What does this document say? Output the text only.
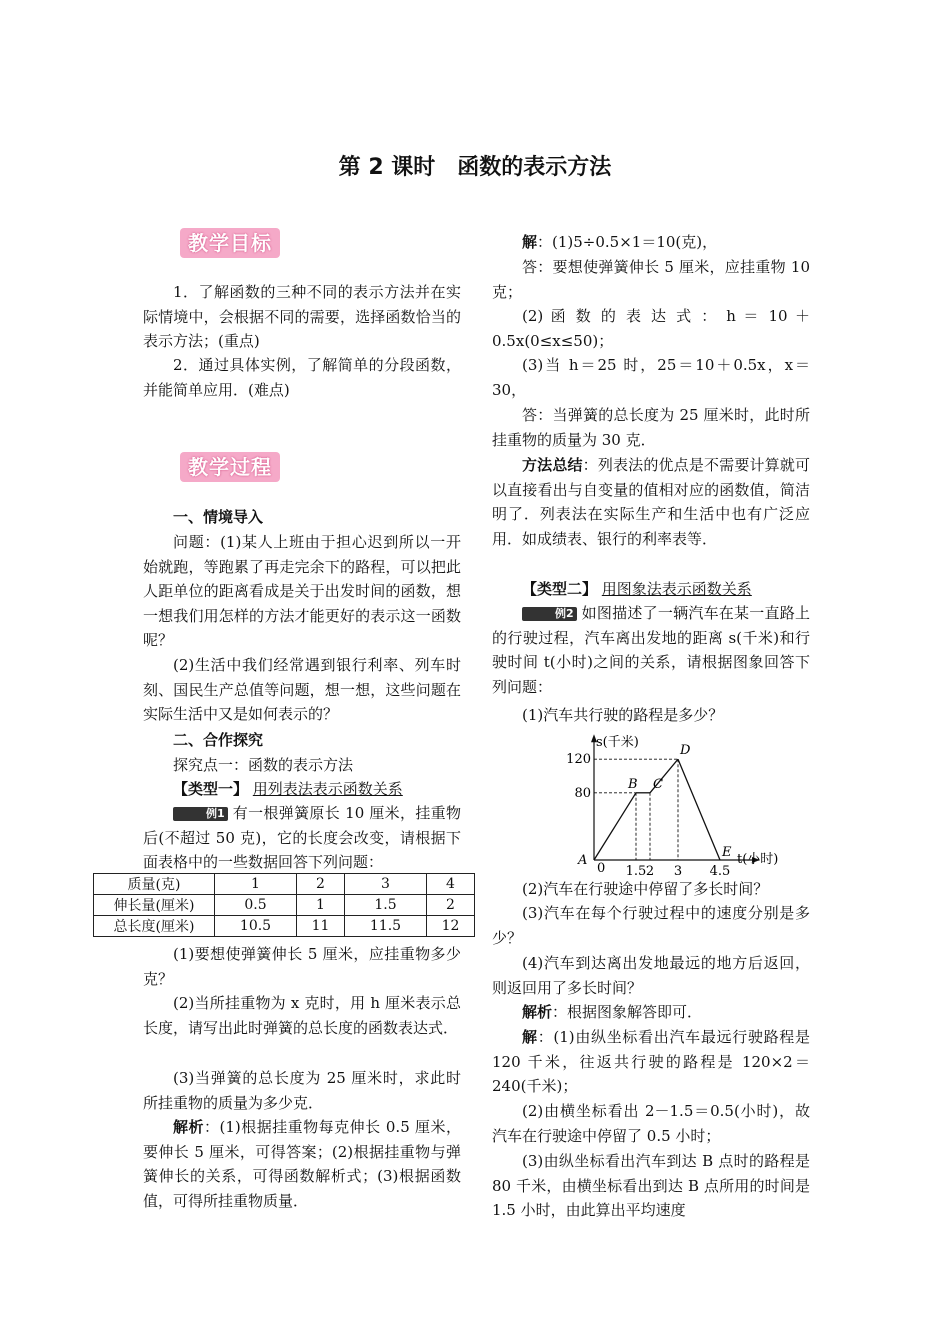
第 2 课时　函数的表示方法
教学目标
1．了解函数的三种不同的表示方法并在实际情境中，会根据不同的需要，选择函数恰当的表示方法；(重点)
2．通过具体实例，了解简单的分段函数，并能简单应用．(难点)
教学过程
一、情境导入
问题：(1)某人上班由于担心迟到所以一开始就跑，等跑累了再走完余下的路程，可以把此人距单位的距离看成是关于出发时间的函数，想一想我们用怎样的方法才能更好的表示这一函数呢？
(2)生活中我们经常遇到银行利率、列车时刻、国民生产总值等问题，想一想，这些问题在实际生活中又是如何表示的？
二、合作探究
探究点一：函数的表示方法
【类型一】 用列表法表示函数关系
例1 有一根弹簧原长 10 厘米，挂重物后(不超过 50 克)，它的长度会改变，请根据下面表格中的一些数据回答下列问题：
质量(克)	1	2	3	4
伸长量(厘米)	0.5	1	1.5	2
总长度(厘米)	10.5	11	11.5	12
(1)要想使弹簧伸长 5 厘米，应挂重物多少克？
(2)当所挂重物为 x 克时，用 h 厘米表示总长度，请写出此时弹簧的总长度的函数表达式．
(3)当弹簧的总长度为 25 厘米时，求此时所挂重物的质量为多少克．
解析：(1)根据挂重物每克伸长 0.5 厘米，要伸长 5 厘米，可得答案；(2)根据挂重物与弹簧伸长的关系，可得函数解析式；(3)根据函数值，可得所挂重物质量．
解：(1)5÷0.5×1＝10(克)，
答：要想使弹簧伸长 5 厘米，应挂重物 10 克；
(2) 函 数 的 表 达 式 ： h ＝ 10 ＋ 0.5x(0≤x≤50)；
(3)当 h＝25 时，25＝10＋0.5x，x＝30，
答：当弹簧的总长度为 25 厘米时，此时所挂重物的质量为 30 克．
方法总结：列表法的优点是不需要计算就可以直接看出与自变量的值相对应的函数值，简洁明了．列表法在实际生产和生活中也有广泛应用．如成绩表、银行的利率表等．
【类型二】 用图象法表示函数关系
例2 如图描述了一辆汽车在某一直路上的行驶过程，汽车离出发地的距离 s(千米)和行驶时间 t(小时)之间的关系，请根据图象回答下列问题：
(1)汽车共行驶的路程是多少？
A
B C
D
E
0 1.5 2 3 4.5
80
120
s(千米)
t(小时)
(2)汽车在行驶途中停留了多长时间？
(3)汽车在每个行驶过程中的速度分别是多少？
(4)汽车到达离出发地最远的地方后返回，则返回用了多长时间？
解析：根据图象解答即可．
解：(1)由纵坐标看出汽车最远行驶路程是 120 千米，往返共行驶的路程是 120×2＝240(千米)；
(2)由横坐标看出 2－1.5＝0.5(小时)，故汽车在行驶途中停留了 0.5 小时；
(3)由纵坐标看出汽车到达 B 点时的路程是 80 千米，由横坐标看出到达 B 点所用的时间是 1.5 小时，由此算出平均速度
